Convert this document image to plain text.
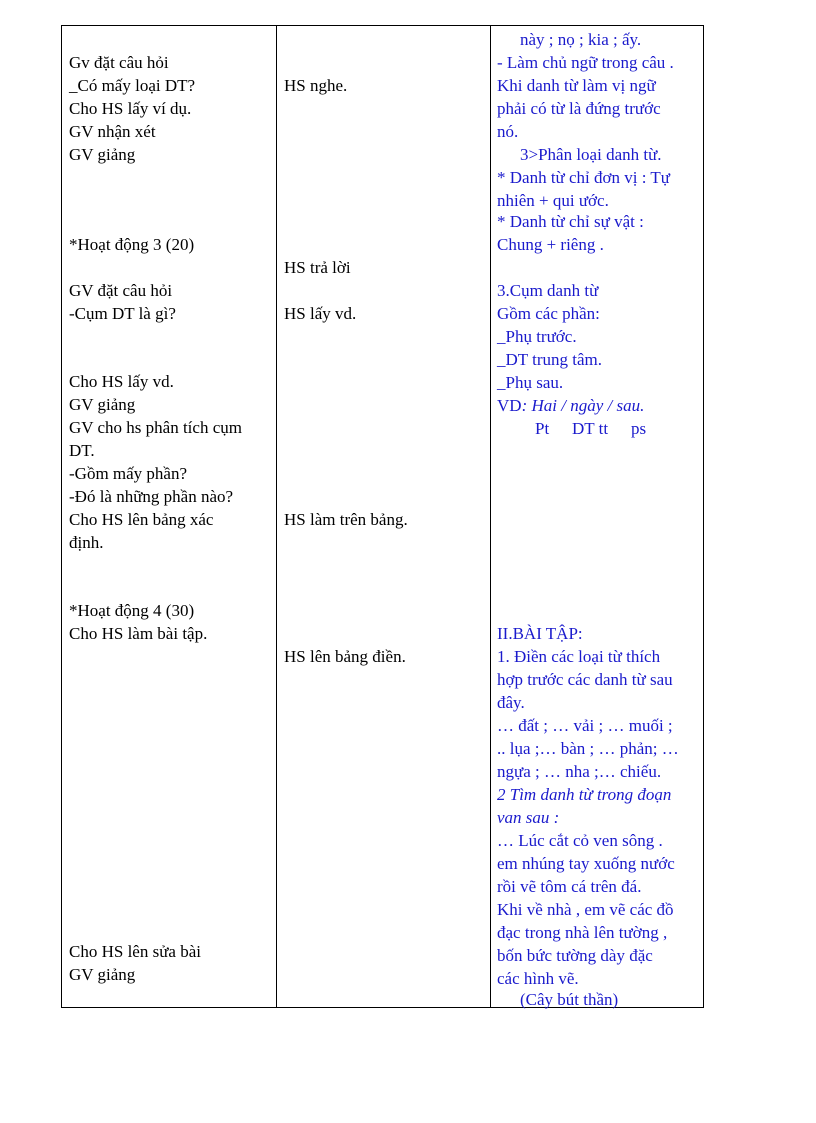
Gv đặt câu hỏi
_Có mấy loại DT?
Cho HS lấy ví dụ.
GV nhận xét
GV giảng
*Hoạt động 3 (20)
GV đặt câu hỏi
-Cụm DT là gì?
Cho HS lấy vd.
GV giảng
GV cho hs phân tích cụm
DT.
-Gồm mấy phần?
-Đó là những phần nào?
Cho HS lên bảng xác
định.
*Hoạt động 4 (30)
Cho HS làm bài tập.
Cho HS lên sửa bài
GV giảng
HS nghe.
HS trả lời
HS lấy vd.
HS làm trên bảng.
HS lên bảng điền.
này ; nọ ; kia ; ấy.
- Làm chủ ngữ trong câu .
Khi danh từ làm vị ngữ
phải có từ là đứng trước
nó.
3>Phân loại danh từ.
* Danh từ chỉ đơn vị : Tự
nhiên + qui ước.
* Danh từ chỉ sự vật :
Chung + riêng .
3.Cụm danh từ
Gồm các phần:
_Phụ trước.
_DT trung tâm.
_Phụ sau.
VD: Hai / ngày / sau.
Pt DT tt ps
II.BÀI TẬP:
1. Điền các loại từ thích
hợp trước các danh từ sau
đây.
… đất ; … vải ; … muối ;
.. lụa ;… bàn ; … phản; …
ngựa ; … nha ;… chiếu.
2 Tìm danh từ trong đoạn
van sau :
… Lúc cắt cỏ ven sông .
em nhúng tay xuống nước
rồi vẽ tôm cá trên đá.
Khi về nhà , em vẽ các đồ
đạc trong nhà lên tường ,
bốn bức tường dày đặc
các hình vẽ.
(Cây bút thần)
